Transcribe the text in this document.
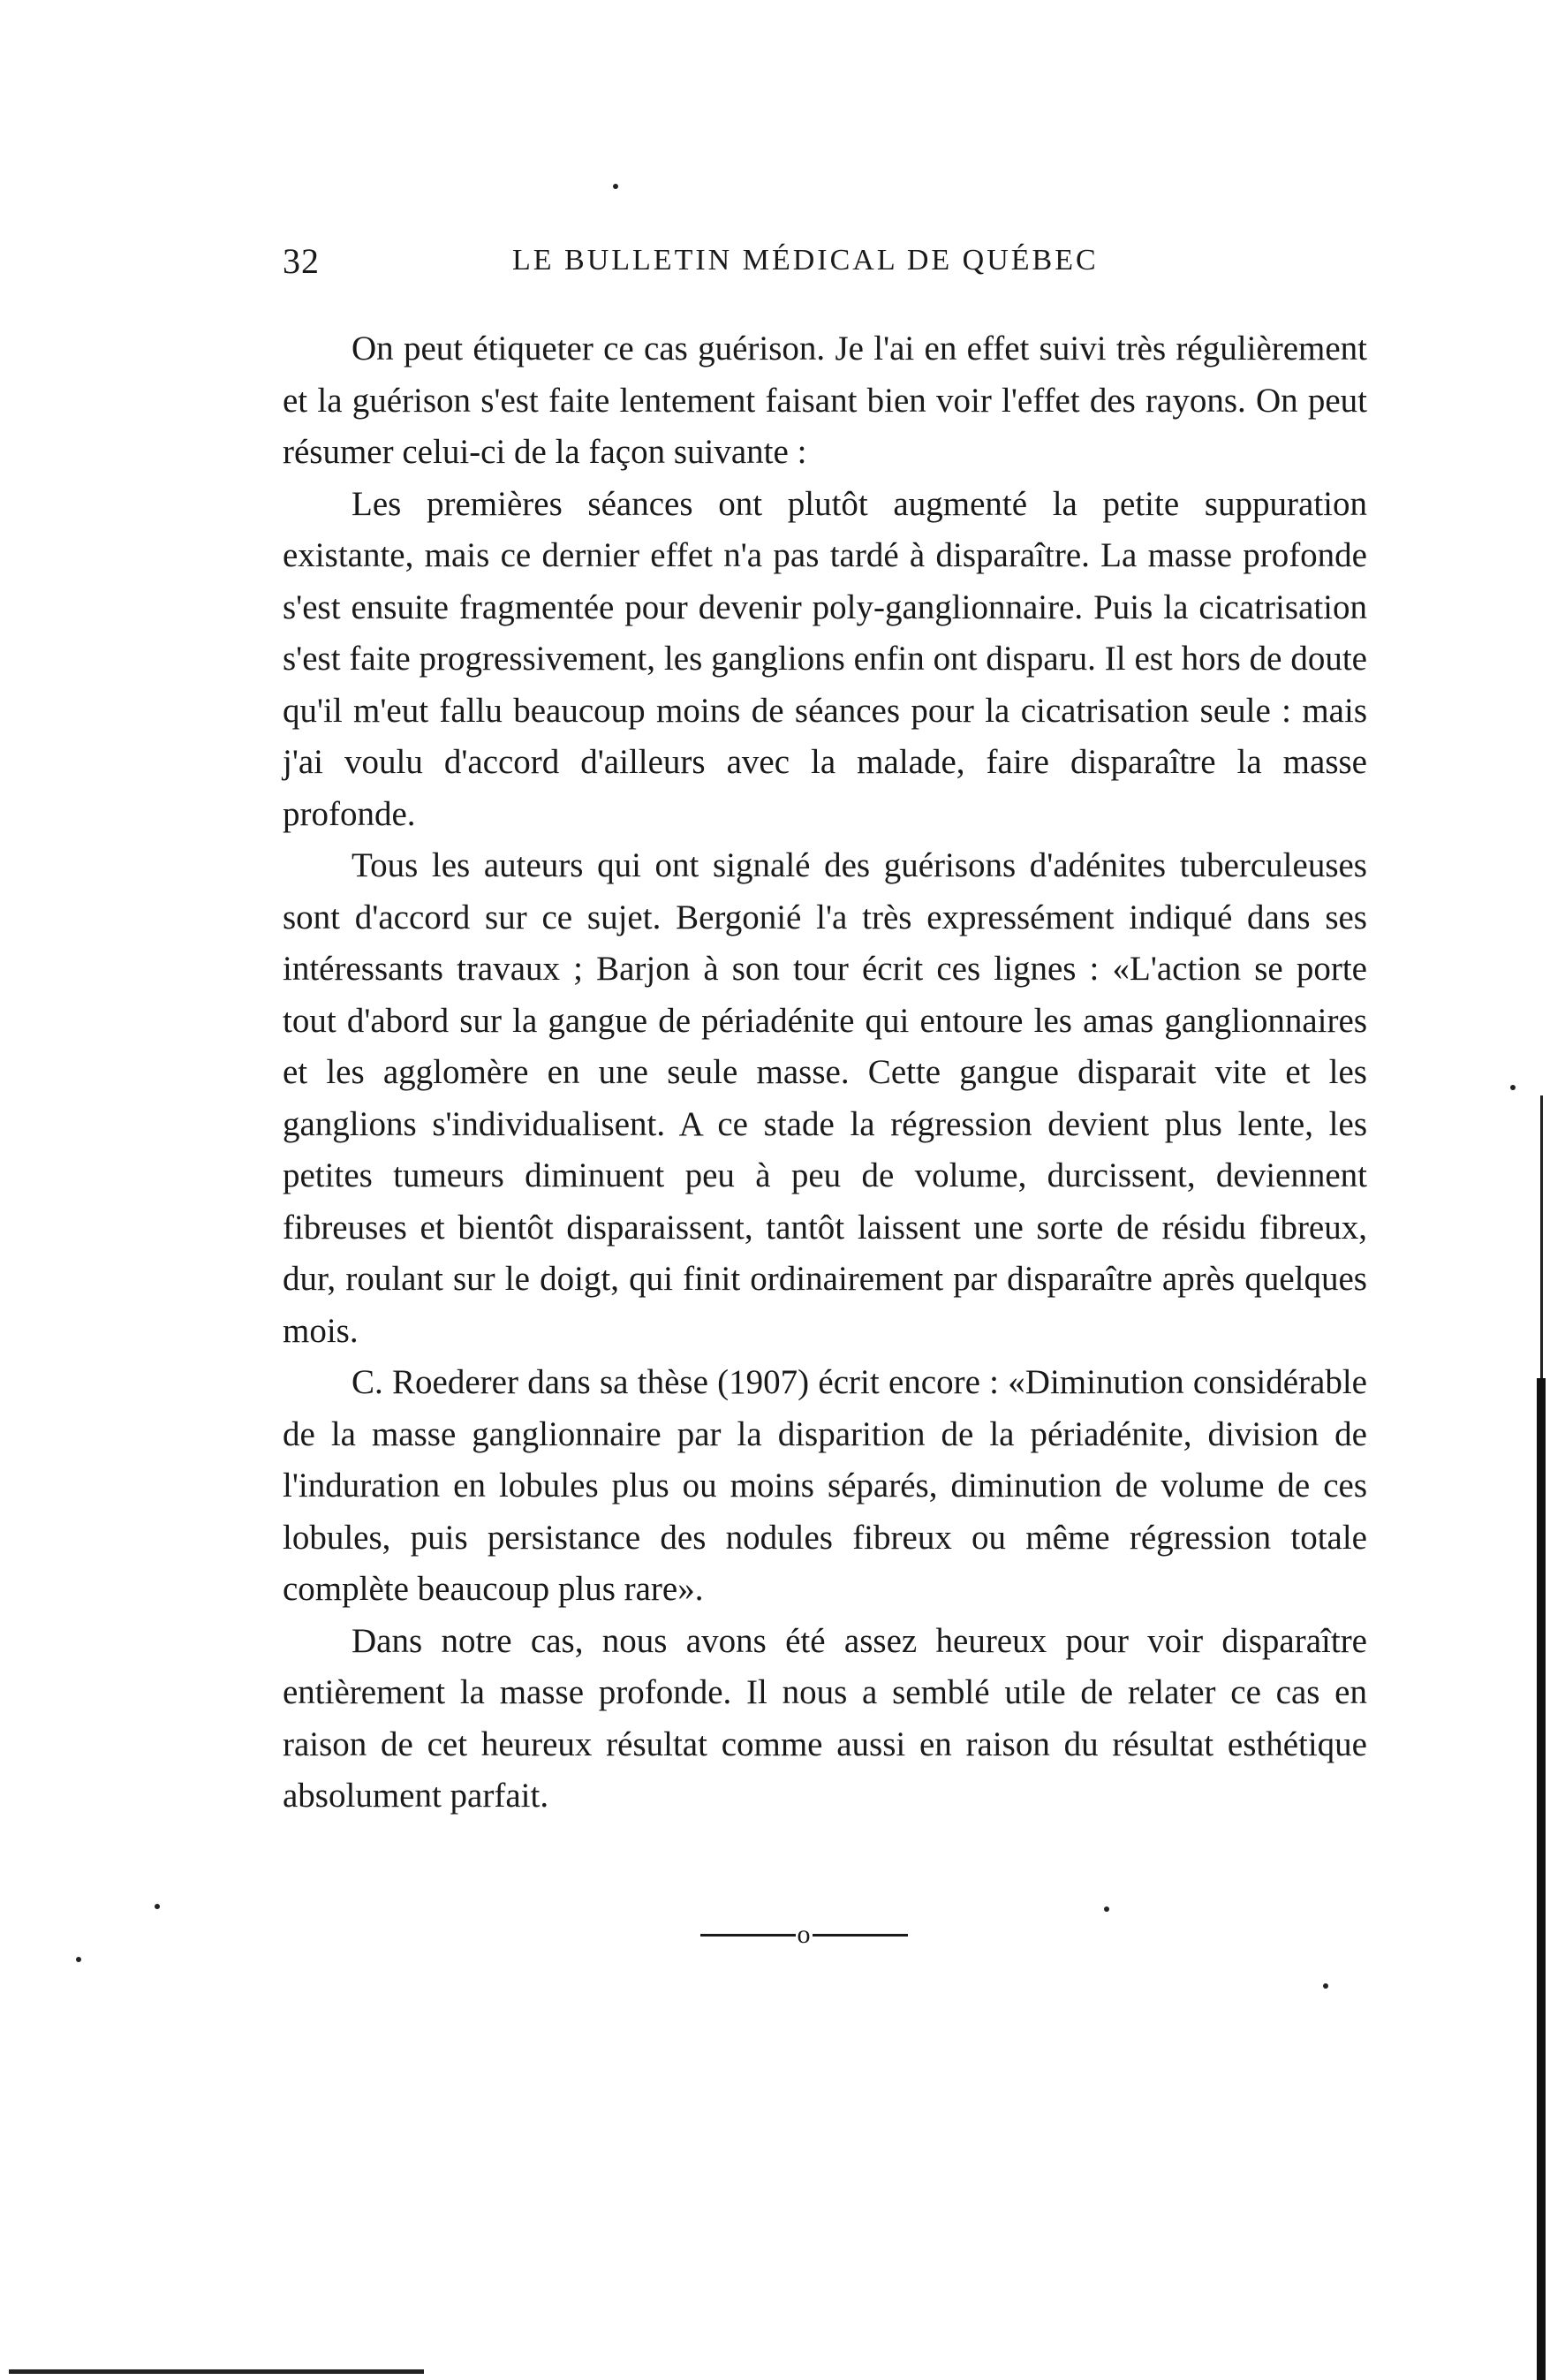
32	LE BULLETIN MÉDICAL DE QUÉBEC

On peut étiqueter ce cas guérison. Je l'ai en effet suivi très régulièrement et la guérison s'est faite lentement faisant bien voir l'effet des rayons. On peut résumer celui-ci de la façon suivante :

Les premières séances ont plutôt augmenté la petite suppuration existante, mais ce dernier effet n'a pas tardé à disparaître. La masse profonde s'est ensuite fragmentée pour devenir poly-ganglionnaire. Puis la cicatrisation s'est faite progressivement, les ganglions enfin ont disparu. Il est hors de doute qu'il m'eut fallu beaucoup moins de séances pour la cicatrisation seule : mais j'ai voulu d'accord d'ailleurs avec la malade, faire disparaître la masse profonde.

Tous les auteurs qui ont signalé des guérisons d'adénites tuberculeuses sont d'accord sur ce sujet. Bergonié l'a très expressément indiqué dans ses intéressants travaux ; Barjon à son tour écrit ces lignes : «L'action se porte tout d'abord sur la gangue de périadénite qui entoure les amas ganglionnaires et les agglomère en une seule masse. Cette gangue disparait vite et les ganglions s'individualisent. A ce stade la régression devient plus lente, les petites tumeurs diminuent peu à peu de volume, durcissent, deviennent fibreuses et bientôt disparaissent, tantôt laissent une sorte de résidu fibreux, dur, roulant sur le doigt, qui finit ordinairement par disparaître après quelques mois.

C. Roederer dans sa thèse (1907) écrit encore : «Diminution considérable de la masse ganglionnaire par la disparition de la périadénite, division de l'induration en lobules plus ou moins séparés, diminution de volume de ces lobules, puis persistance des nodules fibreux ou même régression totale complète beaucoup plus rare».

Dans notre cas, nous avons été assez heureux pour voir disparaître entièrement la masse profonde. Il nous a semblé utile de relater ce cas en raison de cet heureux résultat comme aussi en raison du résultat esthétique absolument parfait.

o
